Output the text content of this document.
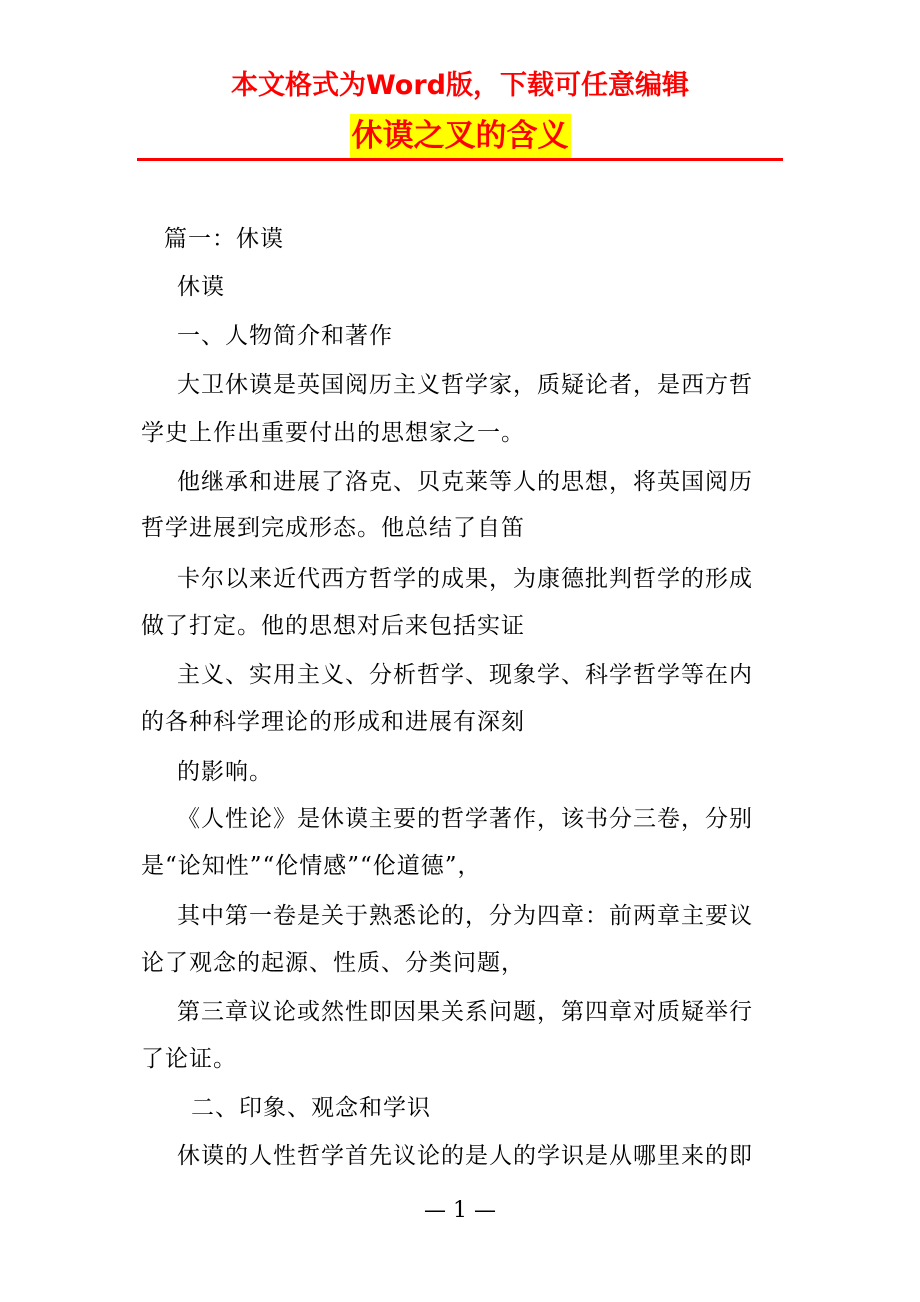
本文格式为Word版，下载可任意编辑
休谟之叉的含义
篇一：休谟
休谟
一、人物简介和著作
大卫休谟是英国阅历主义哲学家，质疑论者，是西方哲
学史上作出重要付出的思想家之一。
他继承和进展了洛克、贝克莱等人的思想，将英国阅历
哲学进展到完成形态。他总结了自笛
卡尔以来近代西方哲学的成果，为康德批判哲学的形成
做了打定。他的思想对后来包括实证
主义、实用主义、分析哲学、现象学、科学哲学等在内
的各种科学理论的形成和进展有深刻
的影响。
《人性论》是休谟主要的哲学著作，该书分三卷，分别
是“论知性”“伦情感”“伦道德”，
其中第一卷是关于熟悉论的，分为四章：前两章主要议
论了观念的起源、性质、分类问题，
第三章议论或然性即因果关系问题，第四章对质疑举行
了论证。
二、印象、观念和学识
休谟的人性哲学首先议论的是人的学识是从哪里来的即
— 1 —
